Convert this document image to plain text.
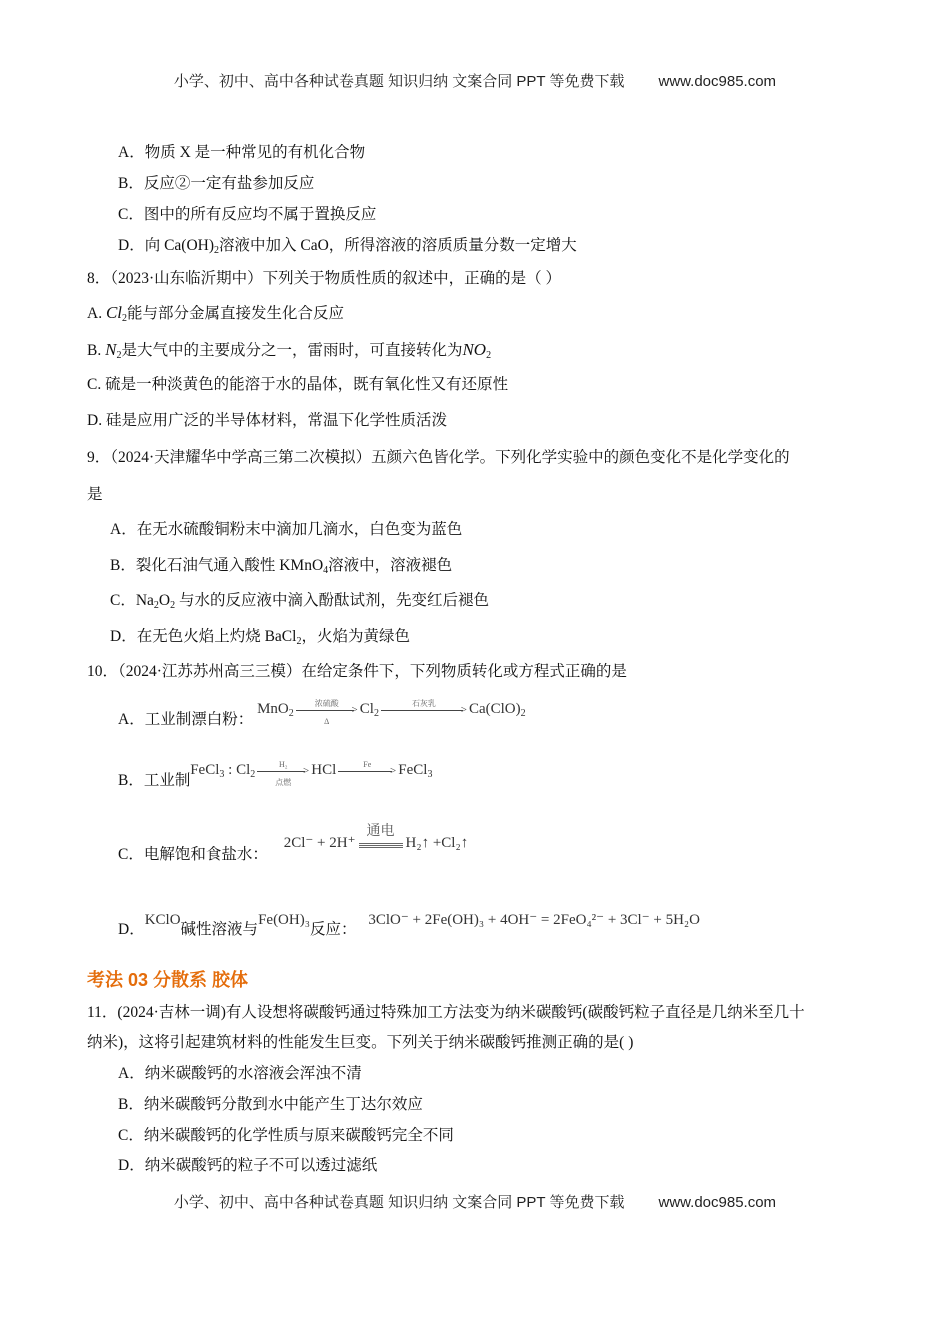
小学、初中、高中各种试卷真题 知识归纳 文案合同 PPT 等免费下载 www.doc985.com
A．物质 X 是一种常见的有机化合物
B．反应②一定有盐参加反应
C．图中的所有反应均不属于置换反应
D．向 $Ca(OH)_2$溶液中加入 CaO，所得溶液的溶质质量分数一定增大
8．（2023·山东临沂期中）下列关于物质性质的叙述中，正确的是（ ）
A. $Cl_2$能与部分金属直接发生化合反应
B. $N_2$是大气中的主要成分之一，雷雨时，可直接转化为$NO_2$
C. 硫是一种淡黄色的能溶于水的晶体，既有氧化性又有还原性
D. 硅是应用广泛的半导体材料，常温下化学性质活泼
9．（2024·天津耀华中学高三第二次模拟）五颜六色皆化学。下列化学实验中的颜色变化不是化学变化的
是
A．在无水硫酸铜粉末中滴加几滴水，白色变为蓝色
B．裂化石油气通入酸性 KMnO$_4$溶液中，溶液褪色
C．$Na_2O_2$ 与水的反应液中滴入酚酞试剂，先变红后褪色
D．在无色火焰上灼烧 BaCl$_2$，火焰为黄绿色
10．（2024·江苏苏州高三三模）在给定条件下，下列物质转化或方程式正确的是
A．工业制漂白粉： MnO$_2$
浓硫酸
>
Δ
$Cl_2$
石灰乳
> $Ca(ClO)_2$
B．工业制 FeCl$_3$ : $Cl_2$
H₂
>
点燃
HCl	Fe
> FeCl$_3$
C．电解饱和食盐水： 2Cl⁻ + 2H⁺
通电
H₂↑ +Cl₂↑
D．KClO碱性溶液与Fe(OH)₃反应： 3ClO⁻ + 2Fe(OH)₃ + 4OH⁻ = 2FeO₄²⁻ + 3Cl⁻ + 5H₂O
考法 03 分散系 胶体
11．(2024·吉林一调)有人设想将碳酸钙通过特殊加工方法变为纳米碳酸钙(碳酸钙粒子直径是几纳米至几十
纳米)，这将引起建筑材料的性能发生巨变。下列关于纳米碳酸钙推测正确的是( )
A．纳米碳酸钙的水溶液会浑浊不清
B．纳米碳酸钙分散到水中能产生丁达尔效应
C．纳米碳酸钙的化学性质与原来碳酸钙完全不同
D．纳米碳酸钙的粒子不可以透过滤纸
小学、初中、高中各种试卷真题 知识归纳 文案合同 PPT 等免费下载 www.doc985.com
